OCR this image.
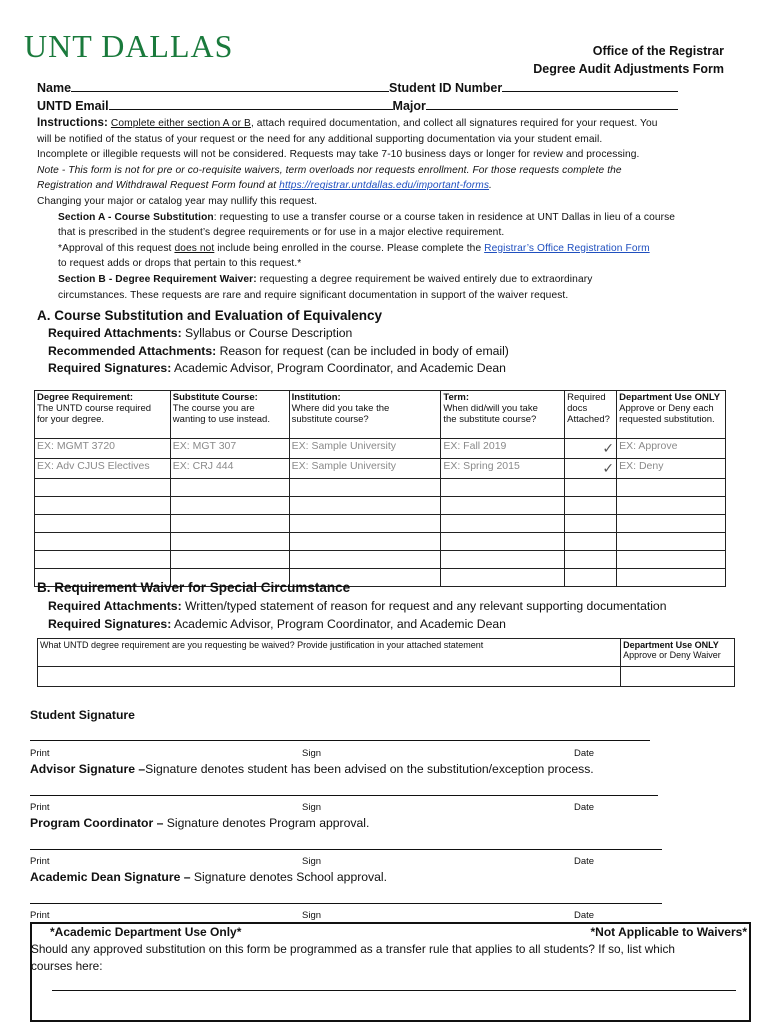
UNT DALLAS	Office of the Registrar
Degree Audit Adjustments Form
Name	Student ID Number
UNTD Email	Major
Instructions: Complete either section A or B, attach required documentation, and collect all signatures required for your request. You
will be notified of the status of your request or the need for any additional supporting documentation via your student email.
Incomplete or illegible requests will not be considered. Requests may take 7-10 business days or longer for review and processing.
Note - This form is not for pre or co-requisite waivers, term overloads nor requests enrollment. For those requests complete the
Registration and Withdrawal Request Form found at https://registrar.untdallas.edu/important-forms.
Changing your major or catalog year may nullify this request.
Section A - Course Substitution: requesting to use a transfer course or a course taken in residence at UNT Dallas in lieu of a course
that is prescribed in the student’s degree requirements or for use in a major elective requirement.
*Approval of this request does not include being enrolled in the course. Please complete the Registrar’s Office Registration Form
to request adds or drops that pertain to this request.*
Section B - Degree Requirement Waiver: requesting a degree requirement be waived entirely due to extraordinary
circumstances. These requests are rare and require significant documentation in support of the waiver request.
A. Course Substitution and Evaluation of Equivalency
Required Attachments: Syllabus or Course Description
Recommended Attachments: Reason for request (can be included in body of email)
Required Signatures: Academic Advisor, Program Coordinator, and Academic Dean
Degree Requirement:
The UNTD course required
for your degree.	Substitute Course:
The course you are
wanting to use instead.	Institution:
Where did you take the
substitute course?	Term:
When did/will you take
the substitute course?	Required
docs
Attached?	Department Use ONLY
Approve or Deny each
requested substitution.
EX: MGMT 3720	EX: MGT 307	EX: Sample University	EX: Fall 2019	✓	EX: Approve
EX: Adv CJUS Electives	EX: CRJ 444	EX: Sample University	EX: Spring 2015	✓	EX: Deny

B. Requirement Waiver for Special Circumstance
Required Attachments: Written/typed statement of reason for request and any relevant supporting documentation
Required Signatures: Academic Advisor, Program Coordinator, and Academic Dean
What UNTD degree requirement are you requesting be waived? Provide justification in your attached statement	Department Use ONLY
Approve or Deny Waiver

Student Signature
Print	Sign	Date
Advisor Signature –Signature denotes student has been advised on the substitution/exception process.
Print	Sign	Date
Program Coordinator – Signature denotes Program approval.
Print	Sign	Date
Academic Dean Signature – Signature denotes School approval.
Print	Sign	Date
*Academic Department Use Only*	*Not Applicable to Waivers*
Should any approved substitution on this form be programmed as a transfer rule that applies to all students? If so, list which
courses here:
